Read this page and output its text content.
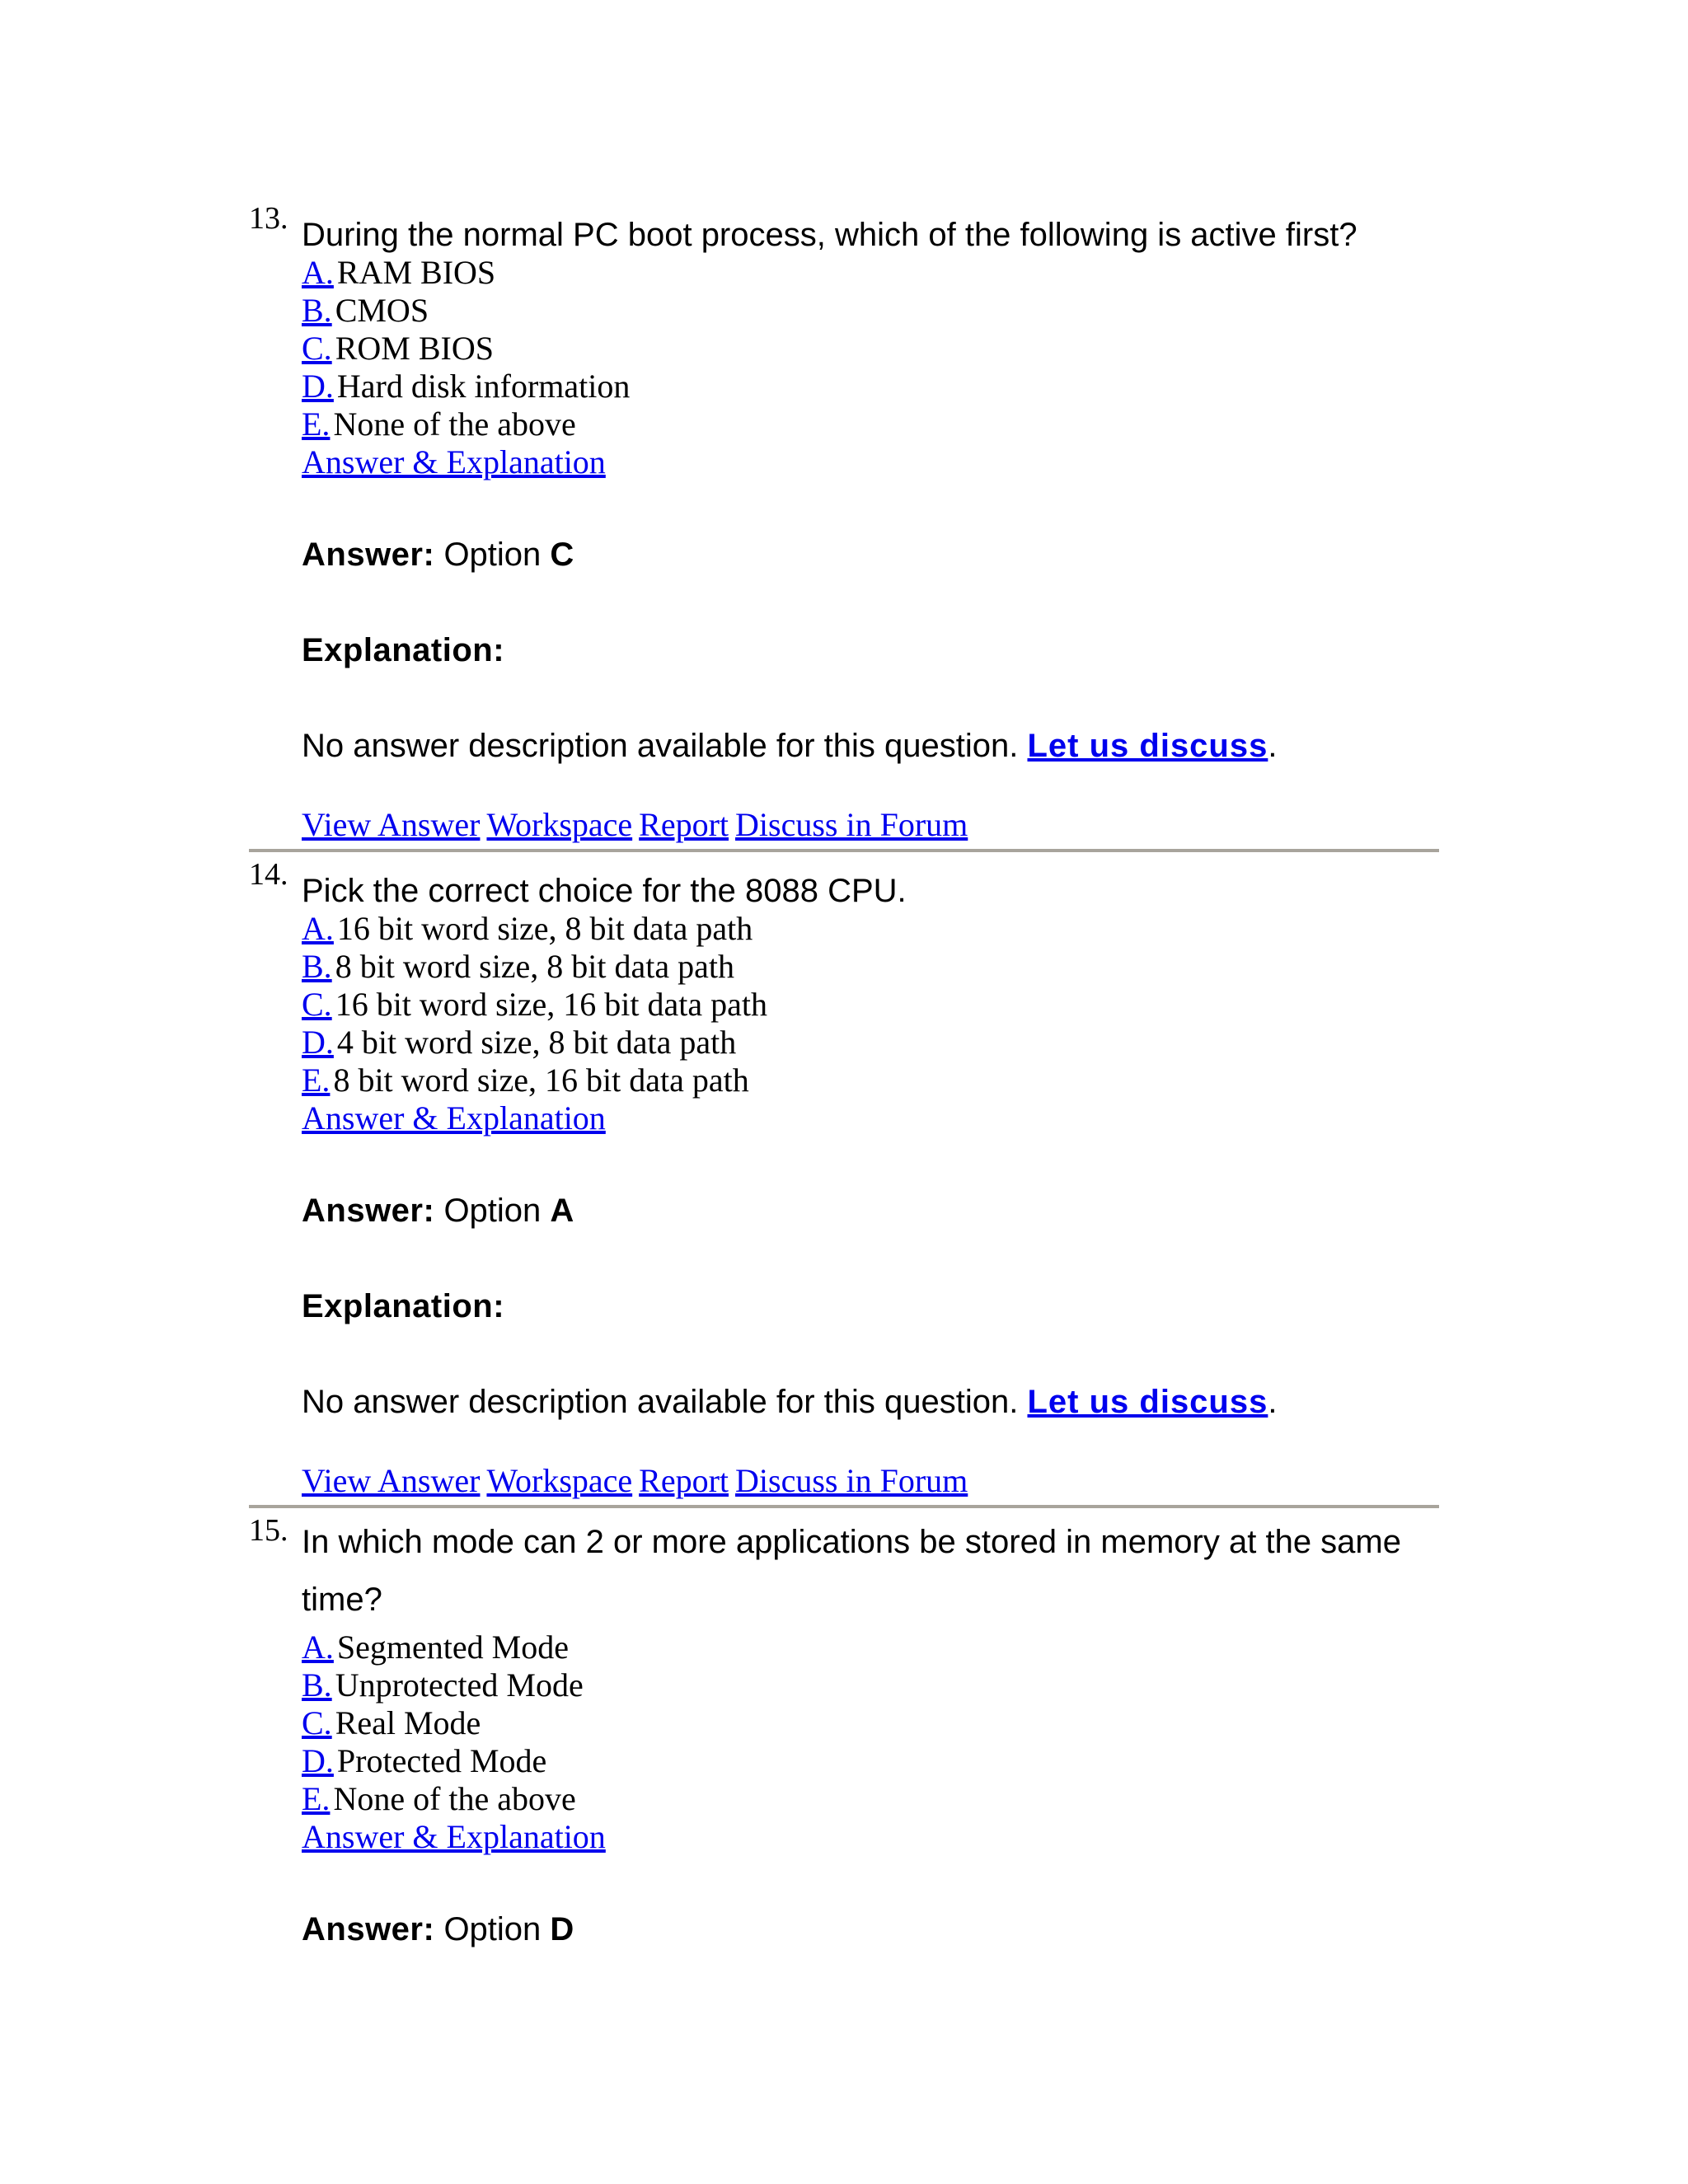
13. During the normal PC boot process, which of the following is active first?
A. RAM BIOS
B. CMOS
C. ROM BIOS
D. Hard disk information
E. None of the above
Answer & Explanation
Answer: Option C
Explanation:
No answer description available for this question. Let us discuss.
View Answer Workspace Report Discuss in Forum
14. Pick the correct choice for the 8088 CPU.
A. 16 bit word size, 8 bit data path
B. 8 bit word size, 8 bit data path
C. 16 bit word size, 16 bit data path
D. 4 bit word size, 8 bit data path
E. 8 bit word size, 16 bit data path
Answer & Explanation
Answer: Option A
Explanation:
No answer description available for this question. Let us discuss.
View Answer Workspace Report Discuss in Forum
15. In which mode can 2 or more applications be stored in memory at the same time?
A. Segmented Mode
B. Unprotected Mode
C. Real Mode
D. Protected Mode
E. None of the above
Answer & Explanation
Answer: Option D
